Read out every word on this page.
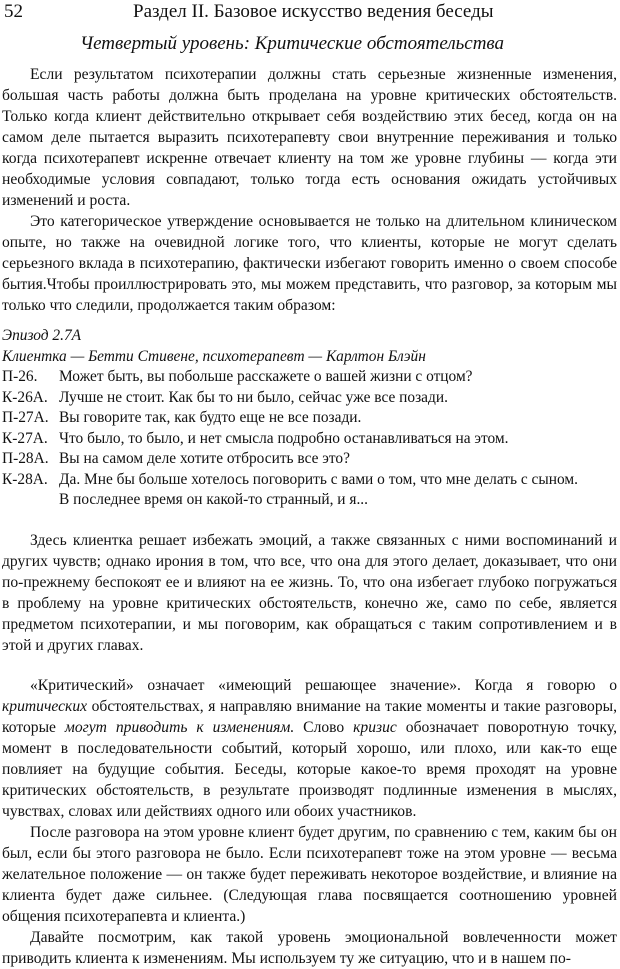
52	Раздел II. Базовое искусство ведения беседы
Четвертый уровень: Критические обстоятельства

Если результатом психотерапии должны стать серьезные жизненные изменения, большая часть работы должна быть проделана на уровне критических обстоятельств. Только когда клиент действительно открывает себя воздействию этих бесед, когда он на самом деле пытается выразить психотерапевту свои внутренние переживания и только когда психотерапевт искренне отвечает клиенту на том же уровне глубины — когда эти необходимые условия совпадают, только тогда есть основания ожидать устойчивых изменений и роста.

Это категорическое утверждение основывается не только на длительном клиническом опыте, но также на очевидной логике того, что клиенты, которые не могут сделать серьезного вклада в психотерапию, фактически избегают говорить именно о своем способе бытия.Чтобы проиллюстрировать это, мы можем представить, что разговор, за которым мы только что следили, продолжается таким образом:

Эпизод 2.7А
Клиентка — Бетти Стивене, психотерапевт — Карлтон Блэйн
П-26.	Может быть, вы побольше расскажете о вашей жизни с отцом?
К-26А. Лучше не стоит. Как бы то ни было, сейчас уже все позади.
П-27А. Вы говорите так, как будто еще не все позади.
К-27А. Что было, то было, и нет смысла подробно останавливаться на этом.
П-28А. Вы на самом деле хотите отбросить все это?
К-28А. Да. Мне бы больше хотелось поговорить с вами о том, что мне делать с сыном.
В последнее время он какой-то странный, и я...

Здесь клиентка решает избежать эмоций, а также связанных с ними воспоминаний и других чувств; однако ирония в том, что все, что она для этого делает, доказывает, что они по-прежнему беспокоят ее и влияют на ее жизнь. То, что она избегает глубоко погружаться в проблему на уровне критических обстоятельств, конечно же, само по себе, является предметом психотерапии, и мы поговорим, как обращаться с таким сопротивлением и в этой и других главах.

«Критический» означает «имеющий решающее значение». Когда я говорю о критических обстоятельствах, я направляю внимание на такие моменты и такие разговоры, которые могут приводить к изменениям. Слово кризис обозначает поворотную точку, момент в последовательности событий, который хорошо, или плохо, или как-то еще повлияет на будущие события. Беседы, которые какое-то время проходят на уровне критических обстоятельств, в результате производят подлинные изменения в мыслях, чувствах, словах или действиях одного или обоих участников.

После разговора на этом уровне клиент будет другим, по сравнению с тем, каким бы он был, если бы этого разговора не было. Если психотерапевт тоже на этом уровне — весьма желательное положение — он также будет переживать некоторое воздействие, и влияние на клиента будет даже сильнее. (Следующая глава посвящается соотношению уровней общения психотерапевта и клиента.)

Давайте посмотрим, как такой уровень эмоциональной вовлеченности может приводить клиента к изменениям. Мы используем ту же ситуацию, что и в нашем по-
